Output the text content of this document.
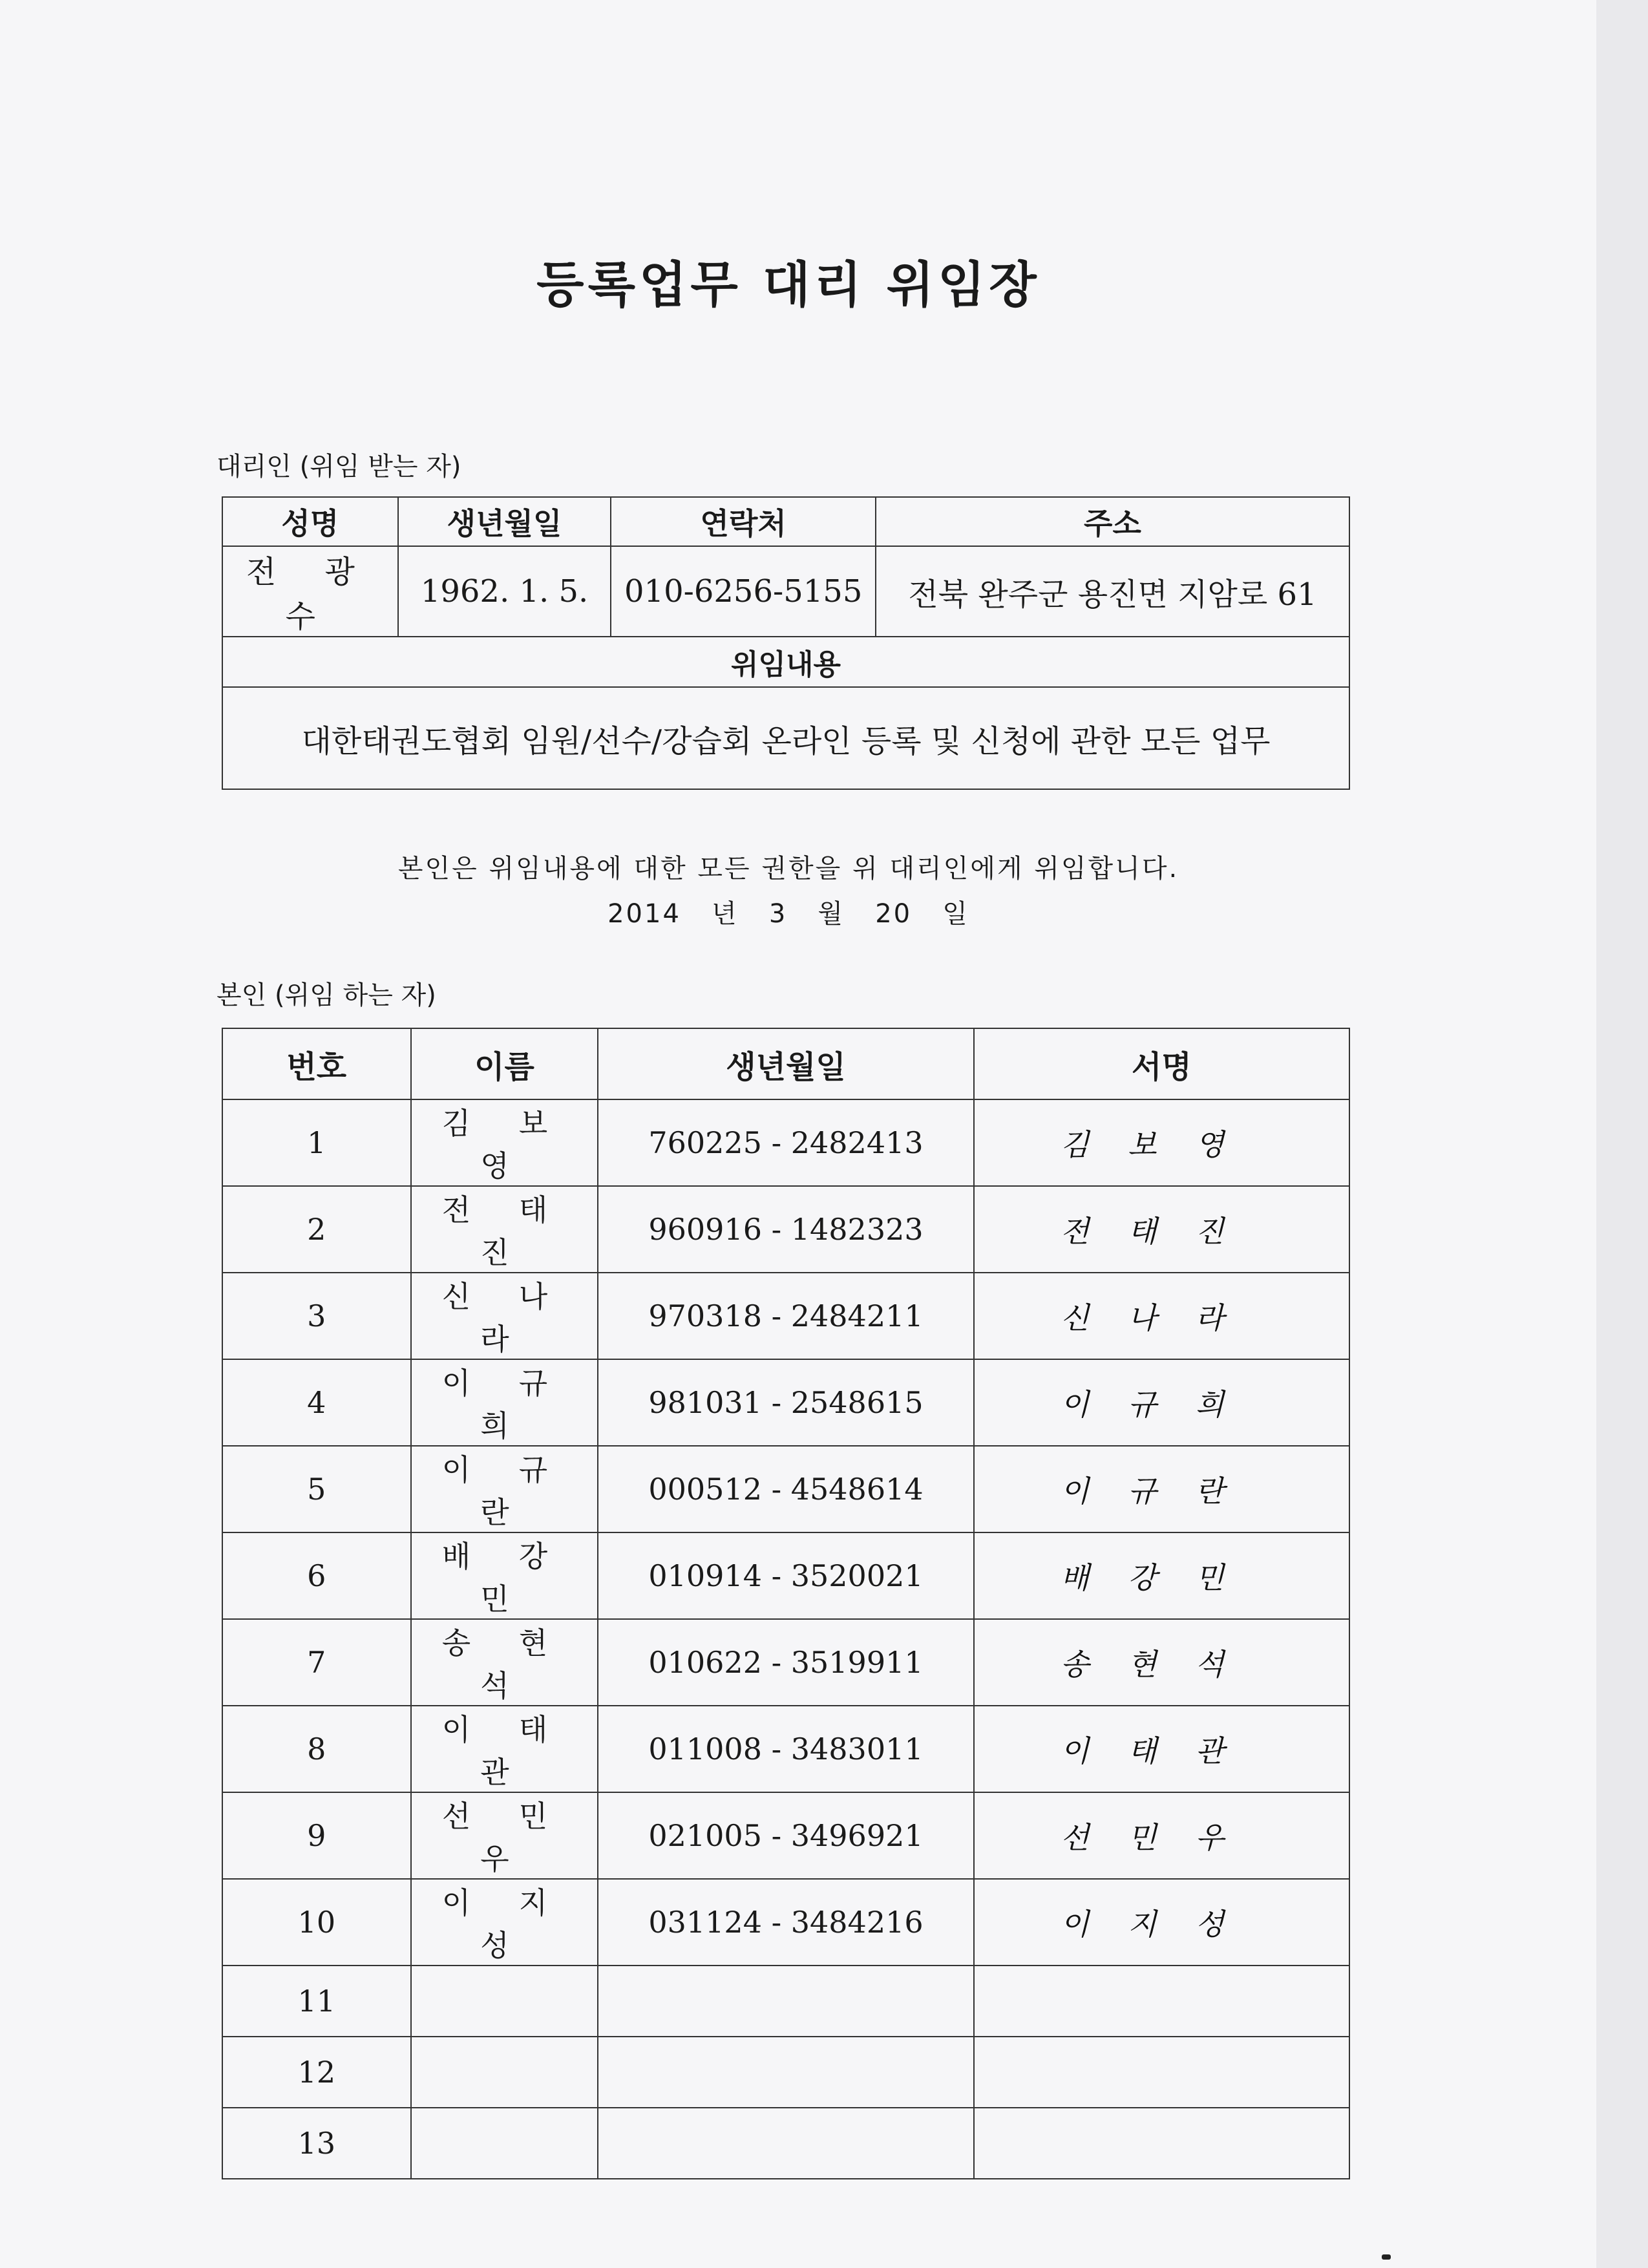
등록업무 대리 위임장
대리인 (위임 받는 자)
성명	생년월일	연락처	주소
전 광 수	1962. 1. 5.	010-6256-5155	전북 완주군 용진면 지암로 61
위임내용			
대한태권도협회 임원/선수/강습회 온라인 등록 및 신청에 관한 모든 업무			
본인은 위임내용에 대한 모든 권한을 위 대리인에게 위임합니다.
2014   년   3   월   20   일
본인 (위임 하는 자)
번호	이름	생년월일	서명
1	김 보 영	760225 - 2482413	김보영
2	전 태 진	960916 - 1482323	전태진
3	신 나 라	970318 - 2484211	신나라
4	이 규 희	981031 - 2548615	이규희
5	이 규 란	000512 - 4548614	이규란
6	배 강 민	010914 - 3520021	배강민
7	송 현 석	010622 - 3519911	송현석
8	이 태 관	011008 - 3483011	이태관
9	선 민 우	021005 - 3496921	선민우
10	이 지 성	031124 - 3484216	이지성
11			
12			
13			
